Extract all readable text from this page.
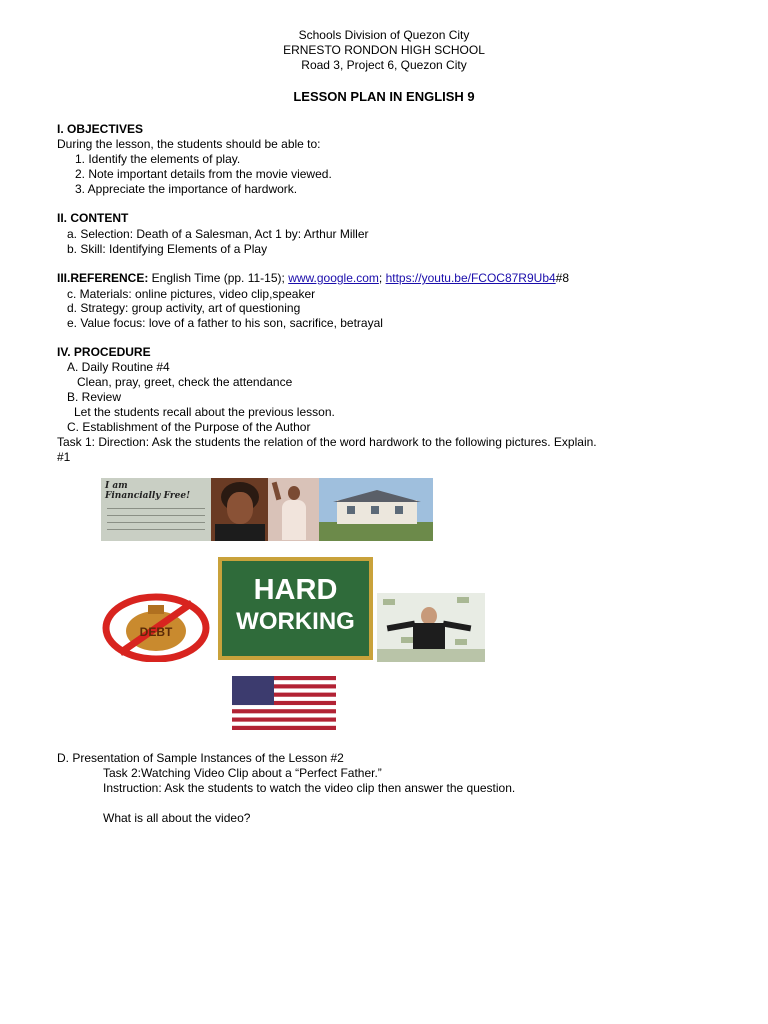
Schools Division of Quezon City
ERNESTO RONDON HIGH SCHOOL
Road 3, Project 6, Quezon City
LESSON PLAN IN ENGLISH 9
I. OBJECTIVES
During the lesson, the students should be able to:
1. Identify the elements of play.
2. Note important details from the movie viewed.
3. Appreciate the importance of hardwork.
II. CONTENT
a. Selection: Death of a Salesman, Act 1 by: Arthur Miller
b. Skill: Identifying Elements of a Play
III.REFERENCE: English Time (pp. 11-15); www.google.com; https://youtu.be/FCOC87R9Ub4#8
c. Materials: online pictures, video clip,speaker
d. Strategy: group activity, art of questioning
e. Value focus: love of a father to his son, sacrifice, betrayal
IV. PROCEDURE
A. Daily Routine #4
Clean, pray, greet, check the attendance
B. Review
Let the students recall about the previous lesson.
C. Establishment of the Purpose of the Author
Task 1: Direction: Ask the students the relation of the word hardwork to the following pictures. Explain.
#1
I am
Financially Free!
DEBT
HARD
WORKING
D. Presentation of Sample Instances of the Lesson #2
Task 2:Watching Video Clip about a “Perfect Father.”
Instruction: Ask the students to watch the video clip then answer the question.
What is all about the video?
